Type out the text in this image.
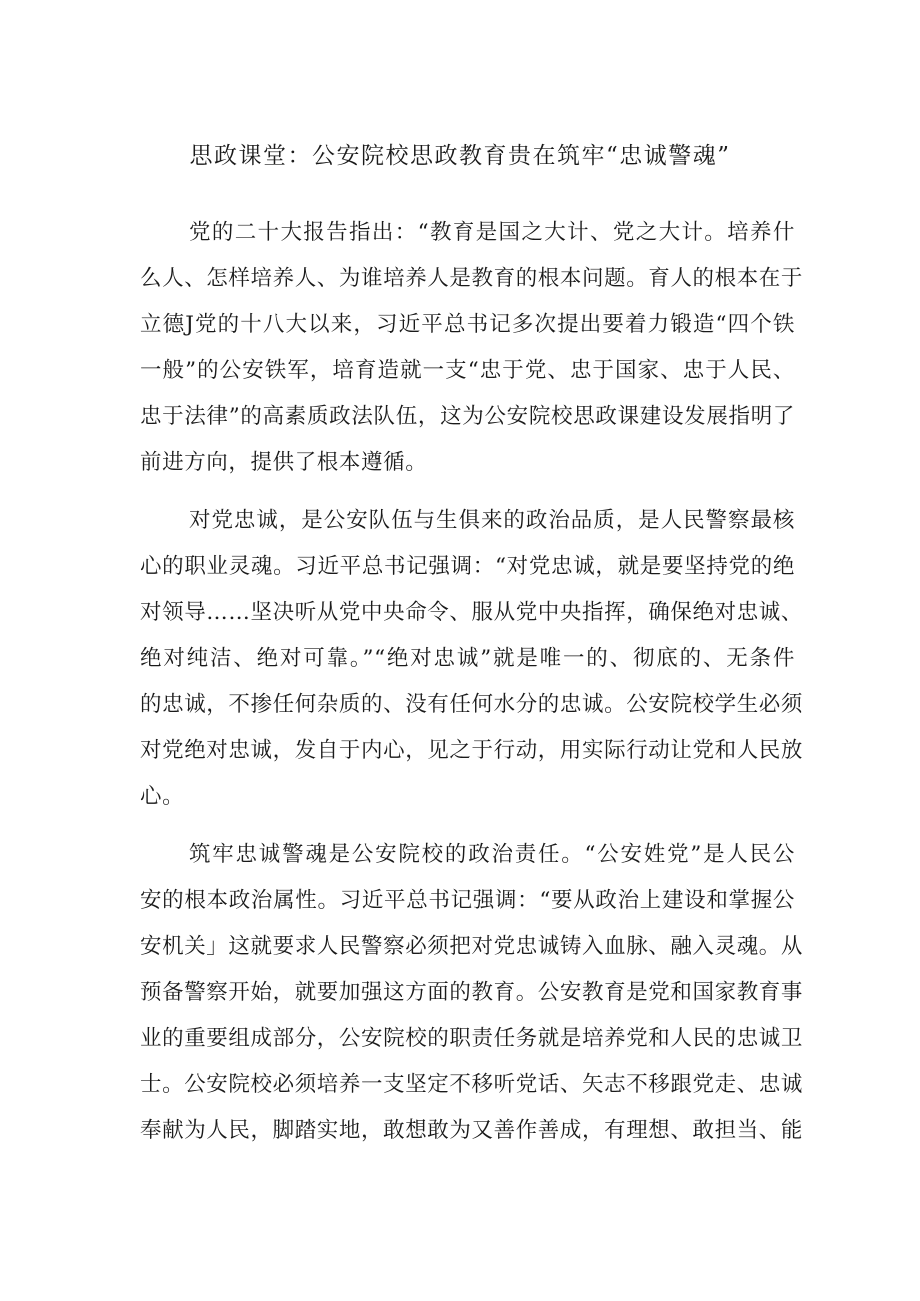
思政课堂：公安院校思政教育贵在筑牢“忠诚警魂”
党的二十大报告指出：“教育是国之大计、党之大计。培养什
么人、怎样培养人、为谁培养人是教育的根本问题。育人的根本在于
立德J党的十八大以来，习近平总书记多次提出要着力锻造“四个铁
一般”的公安铁军，培育造就一支“忠于党、忠于国家、忠于人民、
忠于法律”的高素质政法队伍，这为公安院校思政课建设发展指明了
前进方向，提供了根本遵循。
对党忠诚，是公安队伍与生俱来的政治品质，是人民警察最核
心的职业灵魂。习近平总书记强调：“对党忠诚，就是要坚持党的绝
对领导……坚决听从党中央命令、服从党中央指挥，确保绝对忠诚、
绝对纯洁、绝对可靠。”“绝对忠诚”就是唯一的、彻底的、无条件
的忠诚，不掺任何杂质的、没有任何水分的忠诚。公安院校学生必须
对党绝对忠诚，发自于内心，见之于行动，用实际行动让党和人民放
心。
筑牢忠诚警魂是公安院校的政治责任。“公安姓党”是人民公
安的根本政治属性。习近平总书记强调：“要从政治上建设和掌握公
安机关」这就要求人民警察必须把对党忠诚铸入血脉、融入灵魂。从
预备警察开始，就要加强这方面的教育。公安教育是党和国家教育事
业的重要组成部分，公安院校的职责任务就是培养党和人民的忠诚卫
士。公安院校必须培养一支坚定不移听党话、矢志不移跟党走、忠诚
奉献为人民，脚踏实地，敢想敢为又善作善成，有理想、敢担当、能
